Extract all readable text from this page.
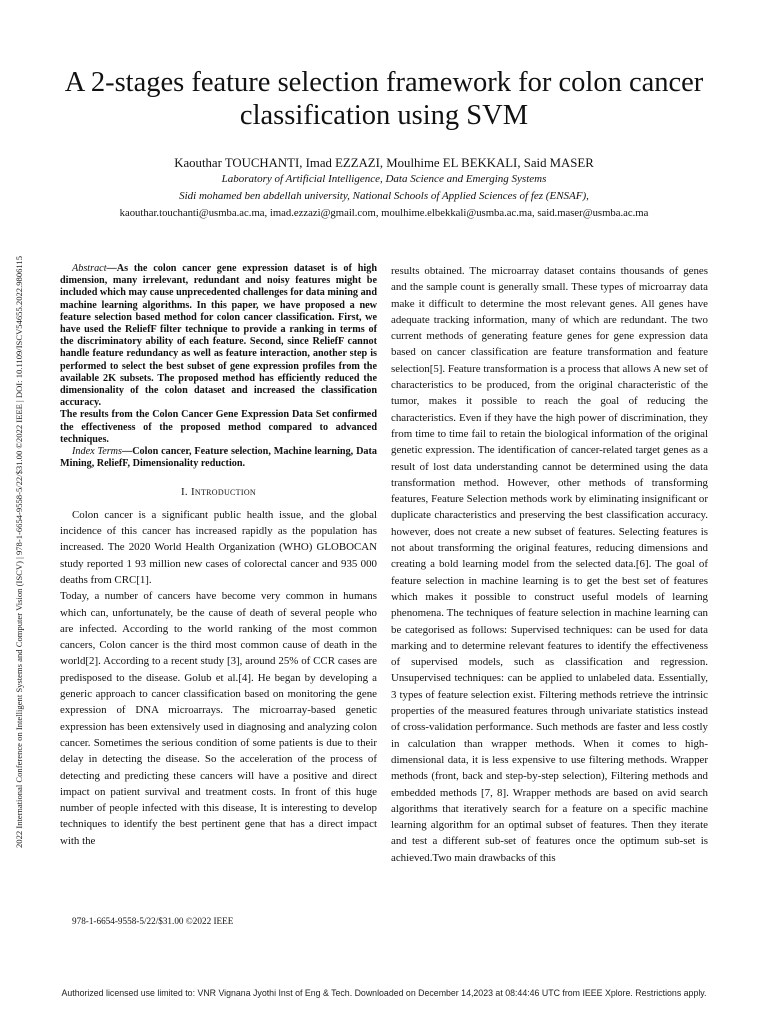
2022 International Conference on Intelligent Systems and Computer Vision (ISCV) | 978-1-6654-9558-5/22/$31.00 ©2022 IEEE | DOI: 10.1109/ISCV54655.2022.9806115
A 2-stages feature selection framework for colon cancer classification using SVM
Kaouthar TOUCHANTI, Imad EZZAZI, Moulhime EL BEKKALI, Said MASER
Laboratory of Artificial Intelligence, Data Science and Emerging Systems
Sidi mohamed ben abdellah university, National Schools of Applied Sciences of fez (ENSAF),
kaouthar.touchanti@usmba.ac.ma, imad.ezzazi@gmail.com, moulhime.elbekkali@usmba.ac.ma, said.maser@usmba.ac.ma

Abstract—As the colon cancer gene expression dataset is of high dimension, many irrelevant, redundant and noisy features might be included which may cause unprecedented challenges for data mining and machine learning algorithms. In this paper, we have proposed a new feature selection based method for colon cancer classification. First, we have used the ReliefF filter technique to provide a ranking in terms of the discriminatory ability of each feature. Second, since ReliefF cannot handle feature redundancy as well as feature interaction, another step is performed to select the best subset of gene expression profiles from the available 2K subsets. The proposed method has efficiently reduced the dimensionality of the colon dataset and increased the classification accuracy.

The results from the Colon Cancer Gene Expression Data Set confirmed the effectiveness of the proposed method compared to advanced techniques.

Index Terms—Colon cancer, Feature selection, Machine learning, Data Mining, ReliefF, Dimensionality reduction.

I. Introduction

Colon cancer is a significant public health issue, and the global incidence of this cancer has increased rapidly as the population has increased. The 2020 World Health Organization (WHO) GLOBOCAN study reported 1 93 million new cases of colorectal cancer and 935 000 deaths from CRC[1].

Today, a number of cancers have become very common in humans which can, unfortunately, be the cause of death of several people who are infected. According to the world ranking of the most common cancers, Colon cancer is the third most common cause of death in the world[2]. According to a recent study [3], around 25% of CCR cases are predisposed to the disease. Golub et al.[4]. He began by developing a generic approach to cancer classification based on monitoring the gene expression of DNA microarrays. The microarray-based genetic expression has been extensively used in diagnosing and analyzing colon cancer. Sometimes the serious condition of some patients is due to their delay in detecting the disease. So the acceleration of the process of detecting and predicting these cancers will have a positive and direct impact on patient survival and treatment costs. In front of this huge number of people infected with this disease, It is interesting to develop techniques to identify the best pertinent gene that has a direct impact with the

results obtained. The microarray dataset contains thousands of genes and the sample count is generally small. These types of microarray data make it difficult to determine the most relevant genes. All genes have adequate tracking information, many of which are redundant. The two current methods of generating feature genes for gene expression data based on cancer classification are feature transformation and feature selection[5]. Feature transformation is a process that allows A new set of characteristics to be produced, from the original characteristic of the tumor, makes it possible to reach the goal of reducing the characteristics. Even if they have the high power of discrimination, they from time to time fail to retain the biological information of the original genetic expression. The identification of cancer-related target genes as a result of lost data understanding cannot be determined using the data transformation method. However, other methods of transforming features, Feature Selection methods work by eliminating insignificant or duplicate characteristics and preserving the best classification accuracy. however, does not create a new subset of features. Selecting features is not about transforming the original features, reducing dimensions and creating a bold learning model from the selected data.[6]. The goal of feature selection in machine learning is to get the best set of features which makes it possible to construct useful models of learning phenomena. The techniques of feature selection in machine learning can be categorised as follows: Supervised techniques: can be used for data marking and to determine relevant features to identify the effectiveness of supervised models, such as classification and regression. Unsupervised techniques: can be applied to unlabeled data. Essentially, 3 types of feature selection exist. Filtering methods retrieve the intrinsic properties of the measured features through univariate statistics instead of cross-validation performance. Such methods are faster and less costly in calculation than wrapper methods. When it comes to high-dimensional data, it is less expensive to use filtering methods. Wrapper methods (front, back and step-by-step selection), Filtering methods and embedded methods [7, 8]. Wrapper methods are based on avid search algorithms that iteratively search for a feature on a specific machine learning algorithm for an optimal subset of features. Then they iterate and test a different sub-set of features once the optimum sub-set is achieved.Two main drawbacks of this

978-1-6654-9558-5/22/$31.00 ©2022 IEEE
Authorized licensed use limited to: VNR Vignana Jyothi Inst of Eng & Tech. Downloaded on December 14,2023 at 08:44:46 UTC from IEEE Xplore. Restrictions apply.
